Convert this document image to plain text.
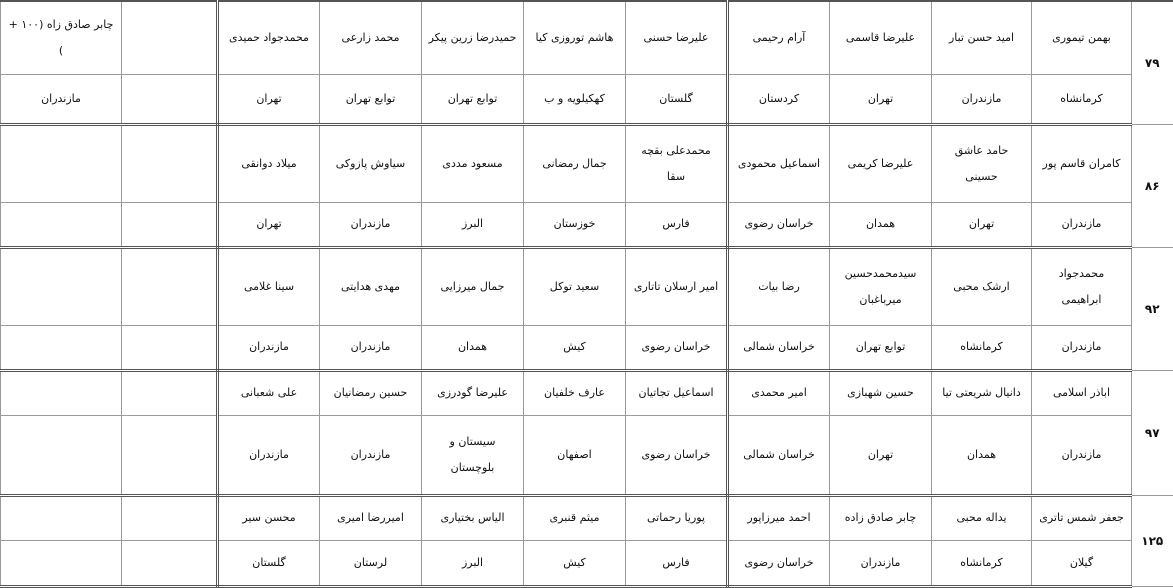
۷۹	بهمن تیموری	امید حسن تبار	علیرضا قاسمی	آرام رحیمی	علیرضا حسنی	هاشم توروزی کیا	حمیدرضا زرین پیکر	محمد زارعی	محمدجواد حمیدی		چابر صادق زاه (۱۰۰ + )
	کرمانشاه	مازندران	تهران	کردستان	گلستان	کهکیلویه و ب	توابع تهران	توابع تهران	تهران		مازندران
۸۶	کامران قاسم پور	حامد عاشق حسینی	علیرضا کریمی	اسماعیل محمودی	محمدعلی بقچه سقا	جمال رمضانی	مسعود مددی	سیاوش پازوکی	میلاد دوانقی		
	مازندران	تهران	همدان	خراسان رضوی	فارس	خوزستان	البرز	مازندران	تهران		
۹۲	محمدجواد ابراهیمی	ارشک محبی	سیدمحمدحسین میرباغبان	رضا بیات	امیر ارسلان تاتاری	سعید توکل	جمال میرزایی	مهدی هدایتی	سینا غلامی		
	مازندران	کرمانشاه	توابع تهران	خراسان شمالی	خراسان رضوی	کیش	همدان	مازندران	مازندران		
۹۷	اباذر اسلامی	دانیال شریعتی تیا	حسین شهبازی	امیر محمدی	اسماعیل تجاتیان	عارف خلفیان	علیرضا گودرزی	حسین رمضانیان	علی شعبانی		
	مازندران	همدان	تهران	خراسان شمالی	خراسان رضوی	اصفهان	سیستان و بلوچستان	مازندران	مازندران		
۱۲۵	جعفر شمس تاتری	یداله محبی	چابر صادق زاده	احمد میرزاپور	پوریا رحماتی	میثم قنبری	الیاس بختیاری	امیررضا امیری	محسن سیر		
	گیلان	کرمانشاه	مازندران	خراسان رضوی	فارس	کیش	البرز	لرستان	گلستان		
